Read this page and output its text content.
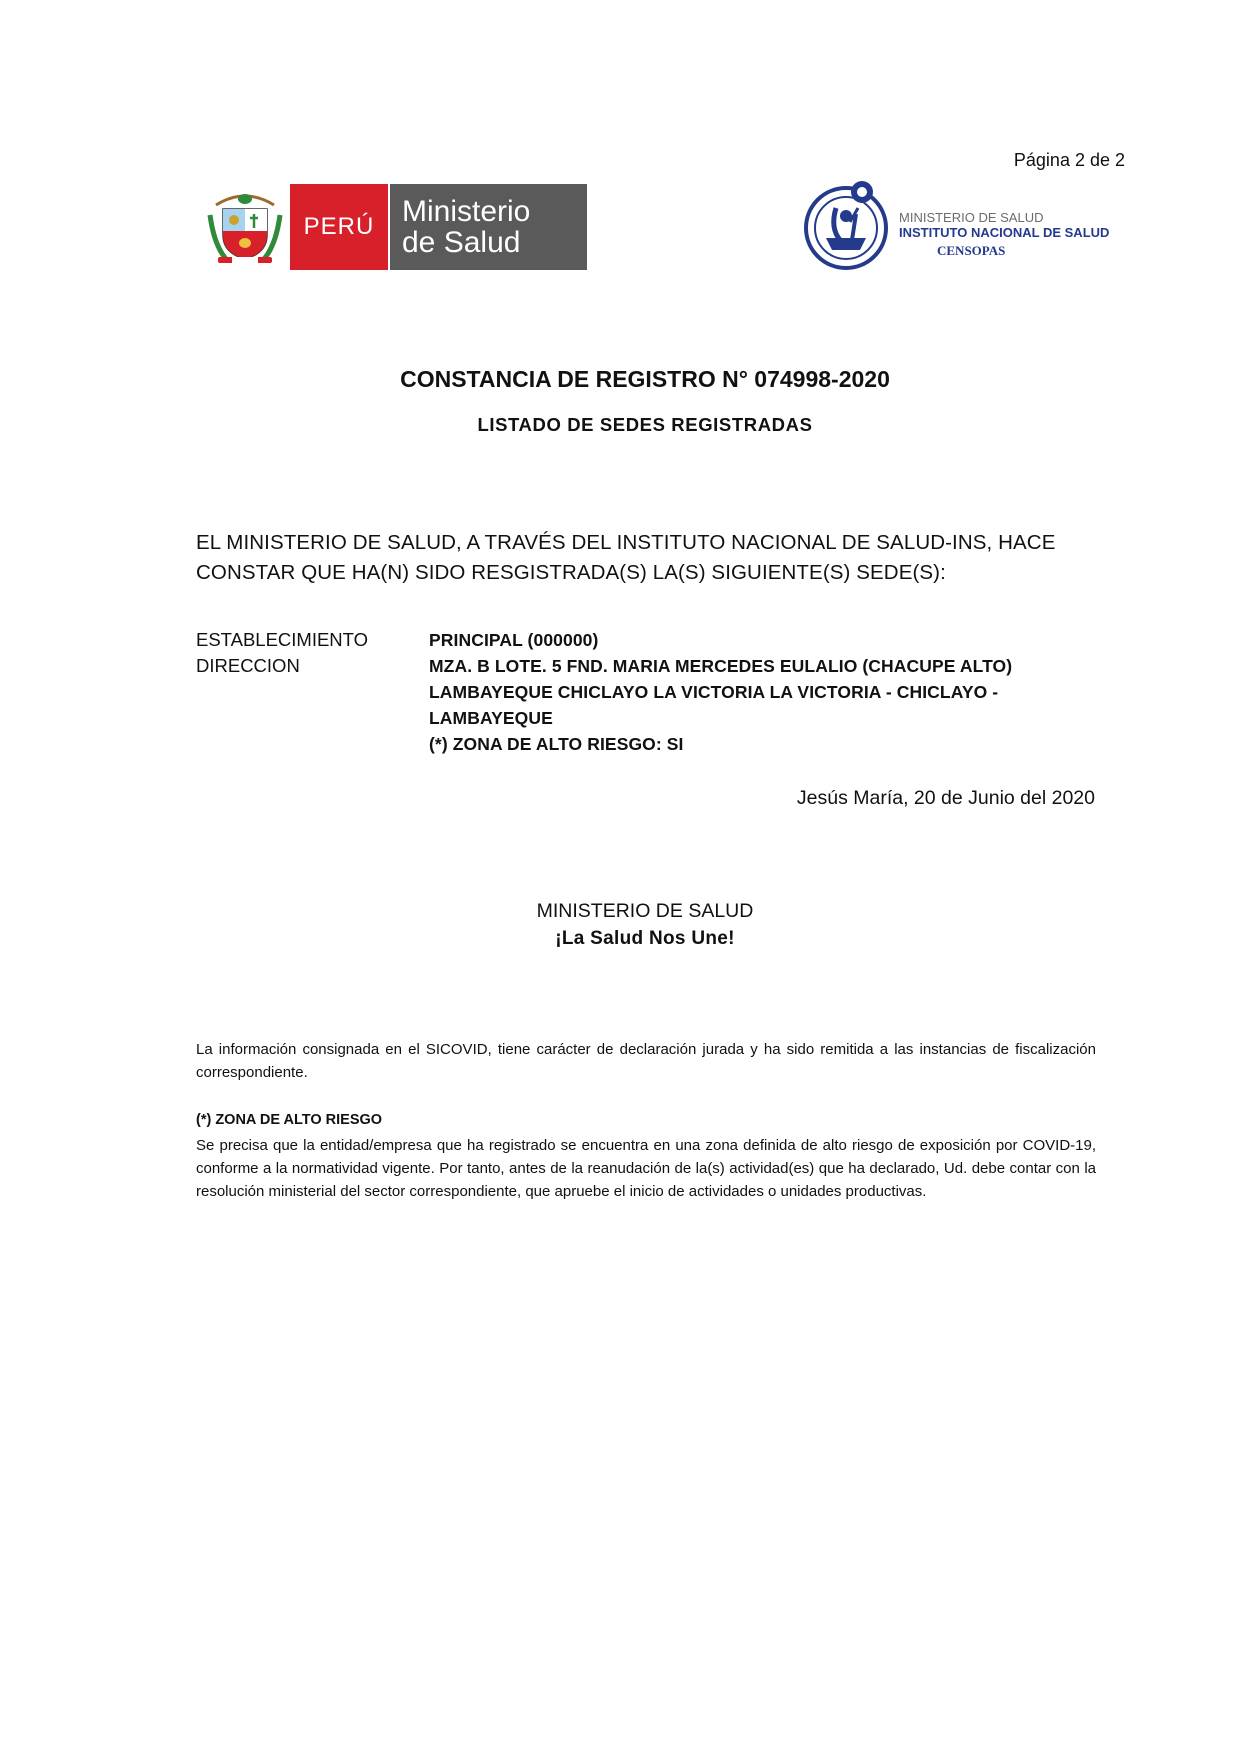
Página 2 de 2
PERÚ Ministerio
de Salud
MINISTERIO DE SALUD
INSTITUTO NACIONAL DE SALUD
CENSOPAS
CONSTANCIA DE REGISTRO N° 074998-2020
LISTADO DE SEDES REGISTRADAS
EL MINISTERIO DE SALUD, A TRAVÉS DEL INSTITUTO NACIONAL DE SALUD-INS, HACE
CONSTAR QUE HA(N) SIDO RESGISTRADA(S) LA(S) SIGUIENTE(S) SEDE(S):
ESTABLECIMIENTO	PRINCIPAL (000000)
DIRECCION	MZA. B LOTE. 5 FND. MARIA MERCEDES EULALIO (CHACUPE ALTO)
LAMBAYEQUE CHICLAYO LA VICTORIA LA VICTORIA - CHICLAYO -
LAMBAYEQUE
(*) ZONA DE ALTO RIESGO: SI
Jesús María, 20 de Junio del 2020
MINISTERIO DE SALUD
¡La Salud Nos Une!
La información consignada en el SICOVID, tiene carácter de declaración jurada y ha sido remitida a las instancias de fiscalización correspondiente.
(*) ZONA DE ALTO RIESGO
Se precisa que la entidad/empresa que ha registrado se encuentra en una zona definida de alto riesgo de exposición por COVID-19, conforme a la normatividad vigente. Por tanto, antes de la reanudación de la(s) actividad(es) que ha declarado, Ud. debe contar con la resolución ministerial del sector correspondiente, que apruebe el inicio de actividades o unidades productivas.
